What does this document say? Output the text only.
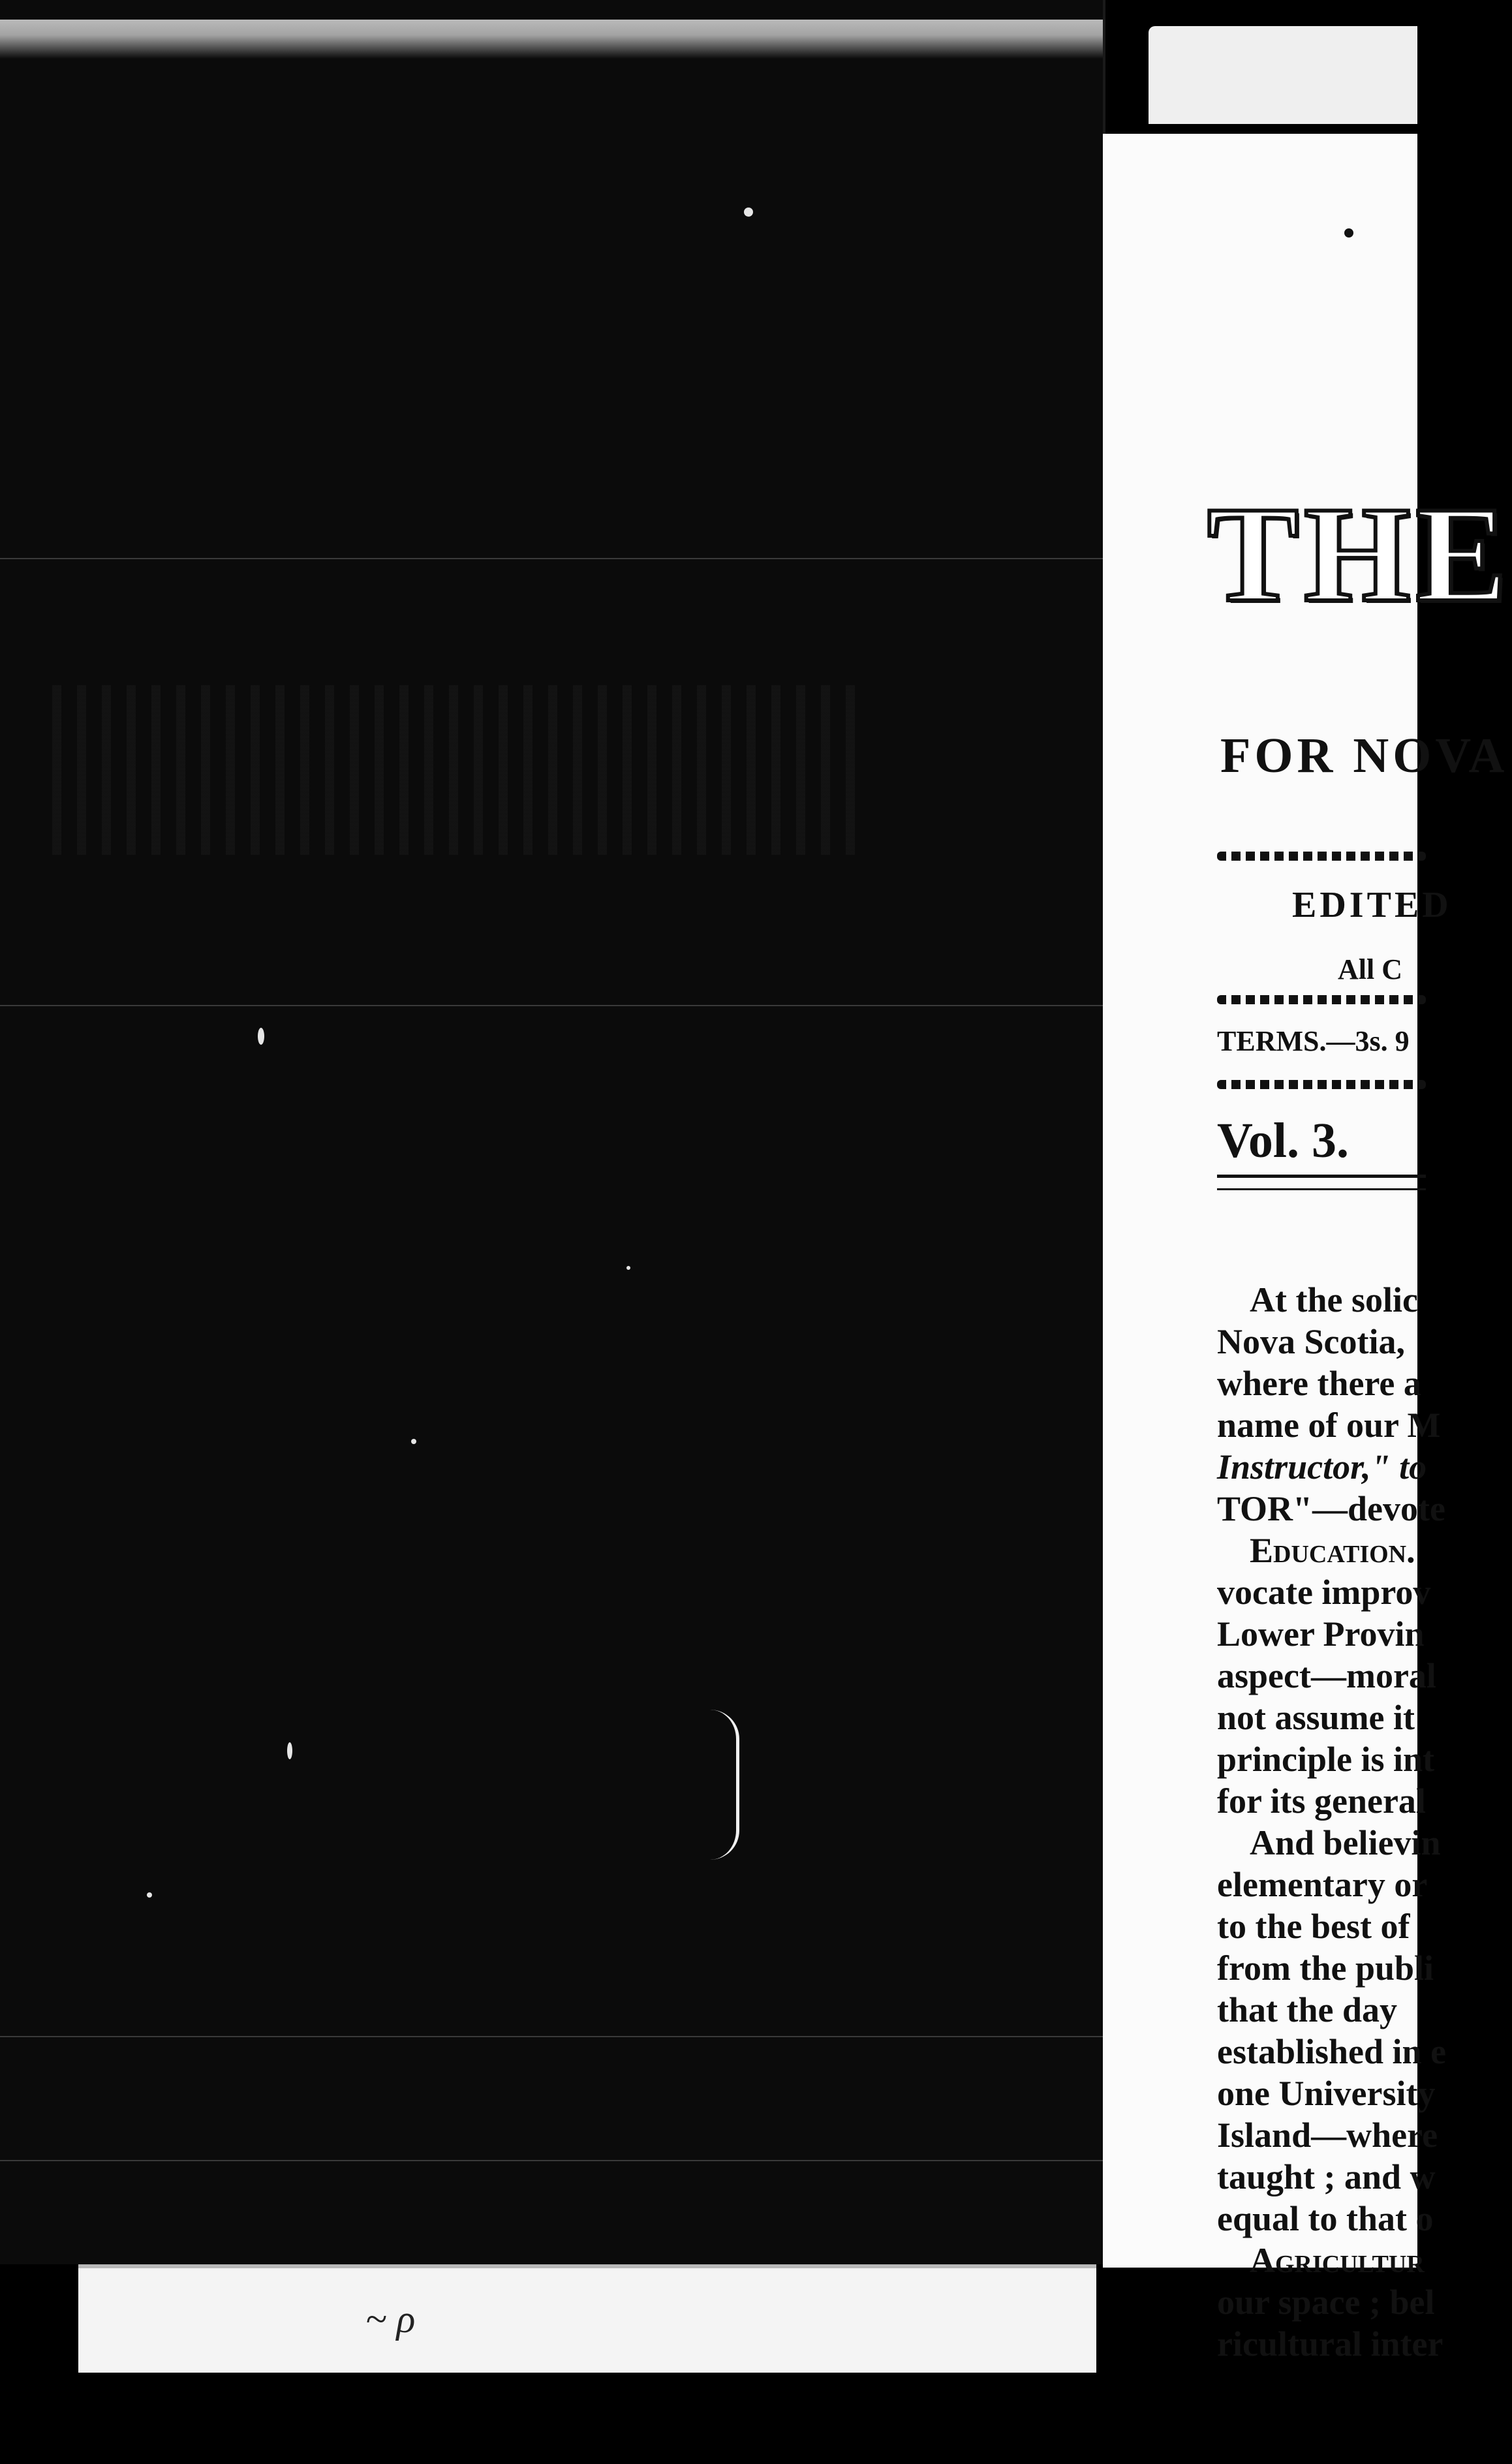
~ ρ
THE
FOR NOVA
EDITED
All C
TERMS.—3s. 9
Vol. 3.
At the solic
Nova Scotia,
where there a
name of our M
Instructor," to
TOR"—devote
Education.
vocate improv
Lower Provin
aspect—moral
not assume it
principle is int
for its general
And believin
elementary or
to the best of
from the publi
that the day
established in e
one University
Island—where
taught ; and w
equal to that o
Agricultur
our space ; bel
ricultural inter
